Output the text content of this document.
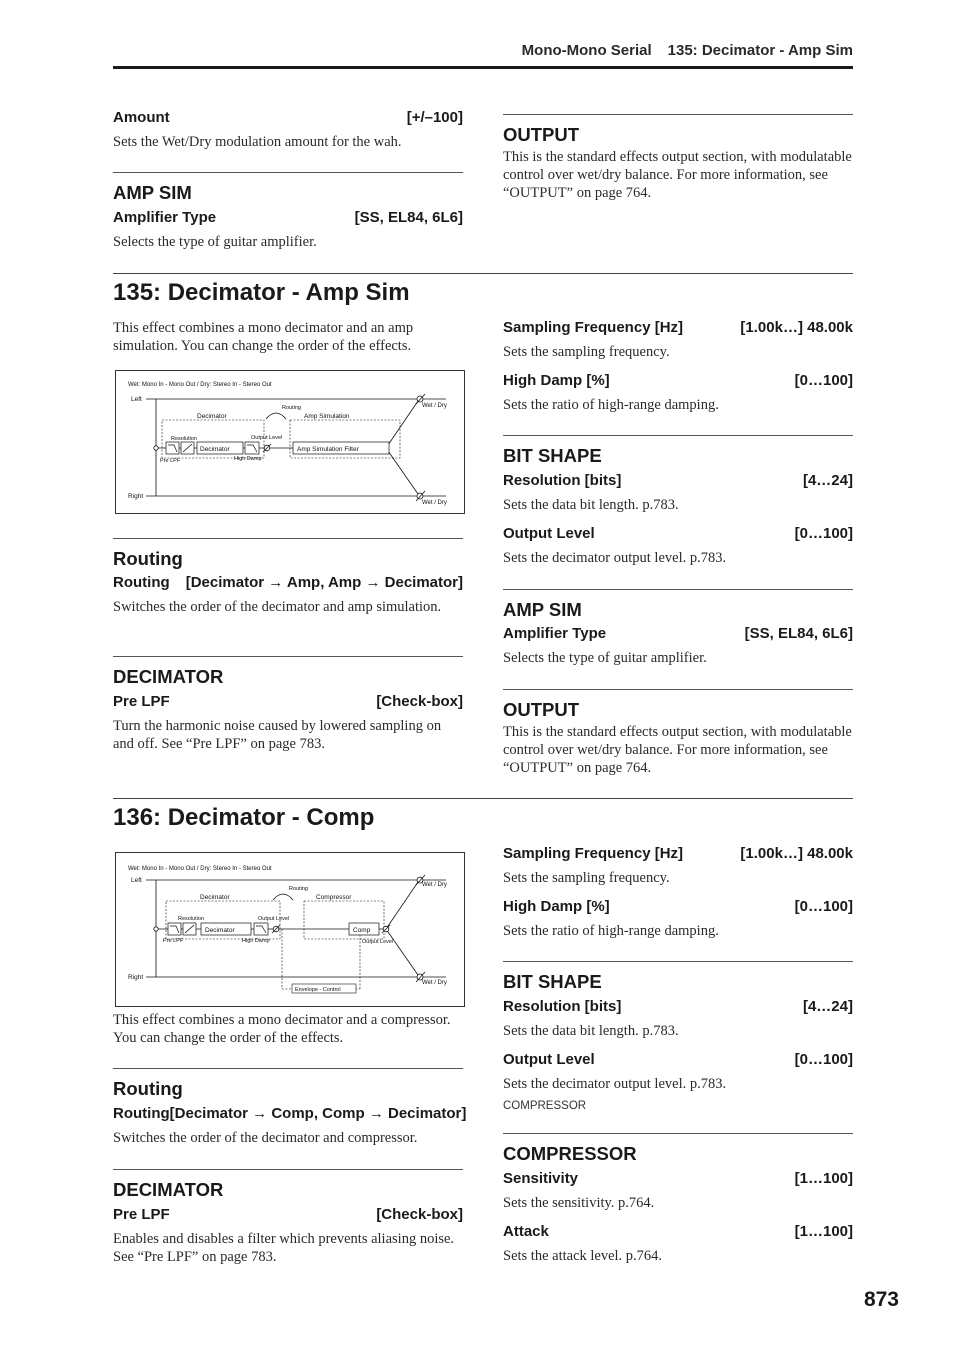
Mono-Mono Serial 135: Decimator - Amp Sim
Amount	[+/–100]
Sets the Wet/Dry modulation amount for the wah.
AMP SIM
Amplifier Type	[SS, EL84, 6L6]
Selects the type of guitar amplifier.
OUTPUT
This is the standard effects output section, with modulatable control over wet/dry balance. For more information, see “OUTPUT” on page 764.
135: Decimator - Amp Sim
This effect combines a mono decimator and an amp simulation. You can change the order of the effects.
Wet: Mono In - Mono Out / Dry: Stereo In - Stereo Out
Left
Right
Wet / Dry
Wet / Dry
Decimator	Amp Simulation
Routing
Resolution	Output Level
Decimator	Amp Simulation Filter
Pre LPF	High Damp
Routing
Routing [Decimator → Amp, Amp → Decimator]
Switches the order of the decimator and amp simulation.
DECIMATOR
Pre LPF	[Check-box]
Turn the harmonic noise caused by lowered sampling on and off. See “Pre LPF” on page 783.
Sampling Frequency [Hz]	[1.00k…] 48.00k
Sets the sampling frequency.
High Damp [%]	[0…100]
Sets the ratio of high-range damping.
BIT SHAPE
Resolution [bits]	[4…24]
Sets the data bit length. p.783.
Output Level	[0…100]
Sets the decimator output level. p.783.
AMP SIM
Amplifier Type	[SS, EL84, 6L6]
Selects the type of guitar amplifier.
OUTPUT
This is the standard effects output section, with modulatable control over wet/dry balance. For more information, see “OUTPUT” on page 764.
136: Decimator - Comp
Wet: Mono In - Mono Out / Dry: Stereo In - Stereo Out
Left
Right
Wet / Dry
Wet / Dry
Decimator	Compressor
Routing
Resolution	Output Level
Decimator	Comp
Pre LPF	High Damp	Output Level
Envelope - Control
This effect combines a mono decimator and a compressor. You can change the order of the effects.
Routing
Routing [Decimator → Comp, Comp → Decimator]
Switches the order of the decimator and compressor.
DECIMATOR
Pre LPF	[Check-box]
Enables and disables a filter which prevents aliasing noise. See “Pre LPF” on page 783.
Sampling Frequency [Hz]	[1.00k…] 48.00k
Sets the sampling frequency.
High Damp [%]	[0…100]
Sets the ratio of high-range damping.
BIT SHAPE
Resolution [bits]	[4…24]
Sets the data bit length. p.783.
Output Level	[0…100]
Sets the decimator output level. p.783.
COMPRESSOR
COMPRESSOR
Sensitivity	[1…100]
Sets the sensitivity. p.764.
Attack	[1…100]
Sets the attack level. p.764.
873
